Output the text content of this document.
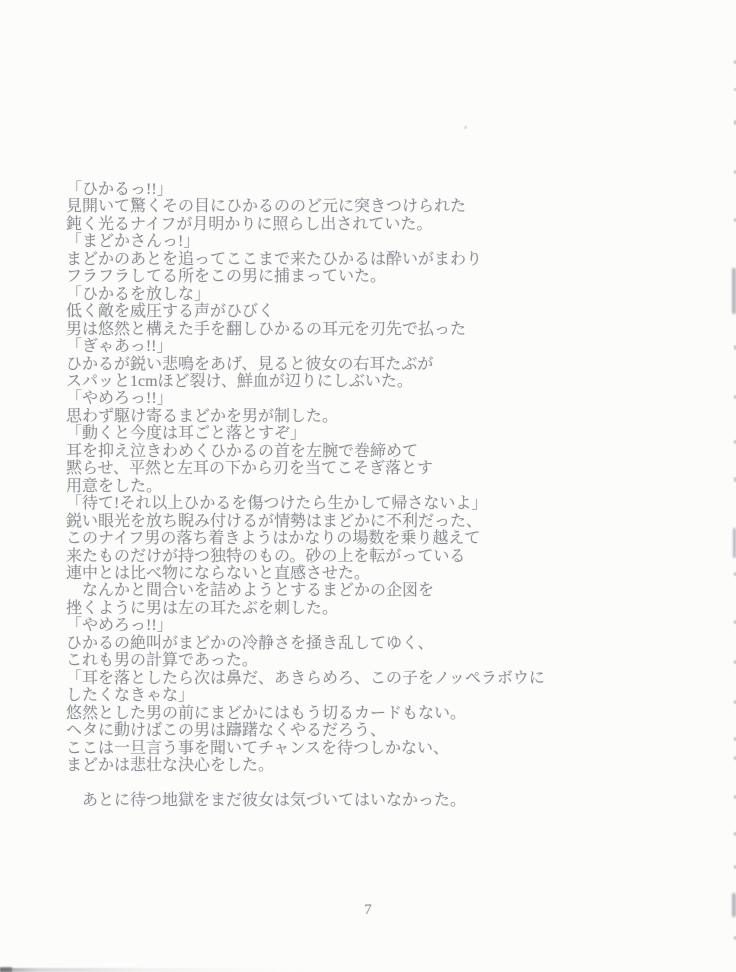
「ひかるっ!!」
見開いて驚くその目にひかるののど元に突きつけられた
鈍く光るナイフが月明かりに照らし出されていた。
「まどかさんっ!」
まどかのあとを追ってここまで来たひかるは酔いがまわり
フラフラしてる所をこの男に捕まっていた。
「ひかるを放しな」
低く敵を威圧する声がひびく
男は悠然と構えた手を翻しひかるの耳元を刃先で払った
「ぎゃあっ!!」
ひかるが鋭い悲鳴をあげ、見ると彼女の右耳たぶが
スパッと1cmほど裂け、鮮血が辺りにしぶいた。
「やめろっ!!」
思わず駆け寄るまどかを男が制した。
「動くと今度は耳ごと落とすぞ」
耳を抑え泣きわめくひかるの首を左腕で巻締めて
黙らせ、平然と左耳の下から刃を当てこそぎ落とす
用意をした。
「待て!それ以上ひかるを傷つけたら生かして帰さないよ」
鋭い眼光を放ち睨み付けるが情勢はまどかに不利だった、
このナイフ男の落ち着きようはかなりの場数を乗り越えて
来たものだけが持つ独特のもの。砂の上を転がっている
連中とは比べ物にならないと直感させた。
　なんかと間合いを詰めようとするまどかの企図を
挫くように男は左の耳たぶを刺した。
「やめろっ!!」
ひかるの絶叫がまどかの冷静さを掻き乱してゆく、
これも男の計算であった。
「耳を落としたら次は鼻だ、あきらめろ、この子をノッペラボウに
したくなきゃな」
悠然とした男の前にまどかにはもう切るカードもない。
ヘタに動けばこの男は躊躇なくやるだろう、
ここは一旦言う事を聞いてチャンスを待つしかない、
まどかは悲壮な決心をした。
　あとに待つ地獄をまだ彼女は気づいてはいなかった。
7
